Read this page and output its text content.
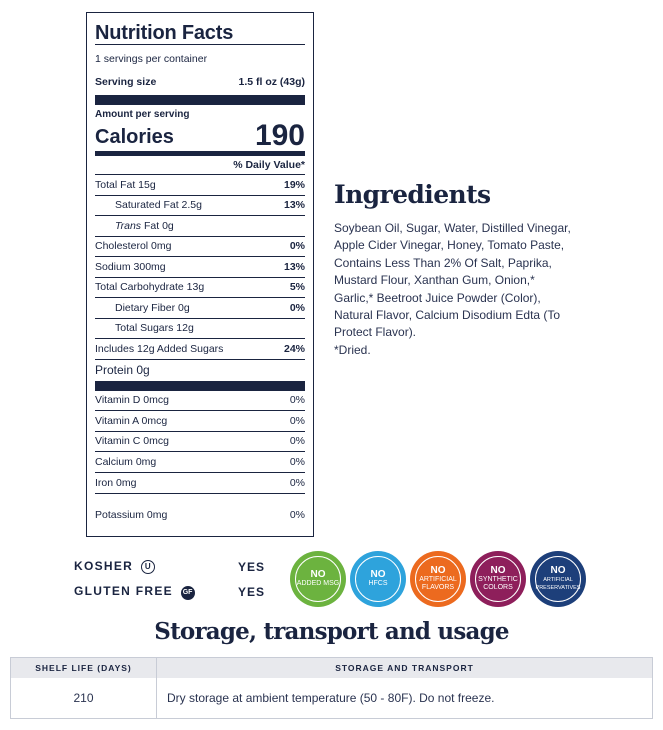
Nutrition Facts
1 servings per container
Serving size	1.5 fl oz (43g)
Amount per serving
Calories	190
% Daily Value*
Total Fat 15g	19%
Saturated Fat 2.5g	13%
Trans Fat 0g
Cholesterol 0mg	0%
Sodium 300mg	13%
Total Carbohydrate 13g	5%
Dietary Fiber 0g	0%
Total Sugars 12g
Includes 12g Added Sugars	24%
Protein 0g
Vitamin D 0mcg	0%
Vitamin A 0mcg	0%
Vitamin C 0mcg	0%
Calcium 0mg	0%
Iron 0mg	0%
Potassium 0mg	0%
Ingredients
Soybean Oil, Sugar, Water, Distilled Vinegar, Apple Cider Vinegar, Honey, Tomato Paste, Contains Less Than 2% Of Salt, Paprika, Mustard Flour, Xanthan Gum, Onion,* Garlic,* Beetroot Juice Powder (Color), Natural Flavor, Calcium Disodium Edta (To Protect Flavor).
*Dried.
KOSHER U	YES
GLUTEN FREE GF	YES
NO
ADDED MSG
NO
HFCS
NO
ARTIFICIAL FLAVORS
NO
SYNTHETIC COLORS
NO
ARTIFICIAL PRESERVATIVES
Storage, transport and usage
SHELF LIFE (DAYS)	STORAGE AND TRANSPORT
210	Dry storage at ambient temperature (50 - 80F). Do not freeze.
